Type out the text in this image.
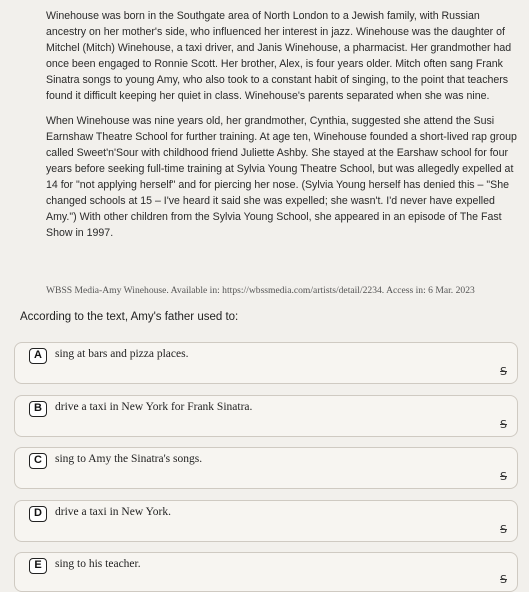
Winehouse was born in the Southgate area of North London to a Jewish family, with Russian ancestry on her mother's side, who influenced her interest in jazz. Winehouse was the daughter of Mitchel (Mitch) Winehouse, a taxi driver, and Janis Winehouse, a pharmacist. Her grandmother had once been engaged to Ronnie Scott. Her brother, Alex, is four years older. Mitch often sang Frank Sinatra songs to young Amy, who also took to a constant habit of singing, to the point that teachers found it difficult keeping her quiet in class. Winehouse's parents separated when she was nine.

When Winehouse was nine years old, her grandmother, Cynthia, suggested she attend the Susi Earnshaw Theatre School for further training. At age ten, Winehouse founded a short-lived rap group called Sweet'n'Sour with childhood friend Juliette Ashby. She stayed at the Earshaw school for four years before seeking full-time training at Sylvia Young Theatre School, but was allegedly expelled at 14 for "not applying herself" and for piercing her nose. (Sylvia Young herself has denied this – "She changed schools at 15 – I've heard it said she was expelled; she wasn't. I'd never have expelled Amy.") With other children from the Sylvia Young School, she appeared in an episode of The Fast Show in 1997.

WBSS Media-Amy Winehouse. Available in: https://wbssmedia.com/artists/detail/2234. Access in: 6 Mar. 2023
According to the text, Amy's father used to:
A	sing at bars and pizza places.
S
B	drive a taxi in New York for Frank Sinatra.
S
C	sing to Amy the Sinatra's songs.
S
D	drive a taxi in New York.
S
E	sing to his teacher.
S
